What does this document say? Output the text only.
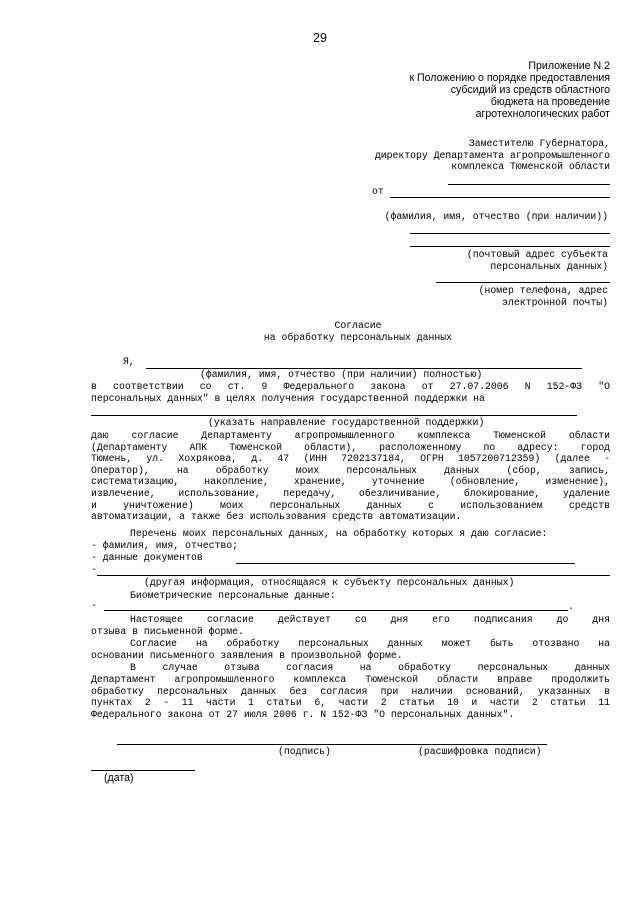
29
Приложение N 2
к Положению о порядке предоставления
субсидий из средств областного
бюджета на проведение
агротехнологических работ
Заместителю Губернатора,
директору Департамента агропромышленного
комплекса Тюменской области
от
(фамилия, имя, отчество (при наличии))
(почтовый адрес субъекта
персональных данных)
(номер телефона, адрес
электронной почты)
Согласие
на обработку персональных данных
Я,
(фамилия, имя, отчество (при наличии) полностью)
в соответствии со ст. 9 Федерального закона от 27.07.2006 N 152-ФЗ "О
персональных данных" в целях получения государственной поддержки на
(указать направление государственной поддержки)
даю согласие Департаменту агропромышленного комплекса Тюменской области
(Департаменту АПК Тюменской области), расположенному по адресу: город
Тюмень, ул. Хохрякова, д. 47 (ИНН 7202137184, ОГРН 1057200712359) (далее -
Оператор), на обработку моих персональных данных (сбор, запись,
систематизацию, накопление, хранение, уточнение (обновление, изменение),
извлечение, использование, передачу, обезличивание, блокирование, удаление
и уничтожение) моих персональных данных с использованием средств
автоматизации, а также без использования средств автоматизации.
Перечень моих персональных данных, на обработку которых я даю согласие:
- фамилия, имя, отчество;
- данные документов
-
(другая информация, относящаяся к субъекту персональных данных)
Биометрические персональные данные:
-	.
Настоящее согласие действует со дня его подписания до дня
отзыва в письменной форме.
Согласие на обработку персональных данных может быть отозвано на
основании письменного заявления в произвольной форме.
В случае отзыва согласия на обработку персональных данных
Департамент агропромышленного комплекса Тюменской области вправе продолжить
обработку персональных данных без согласия при наличии оснований, указанных в
пунктах 2 - 11 части 1 статьи 6, части 2 статьи 10 и части 2 статьи 11
Федерального закона от 27 июля 2006 г. N 152-ФЗ "О персональных данных".
(подпись)	(расшифровка подписи)
(дата)
